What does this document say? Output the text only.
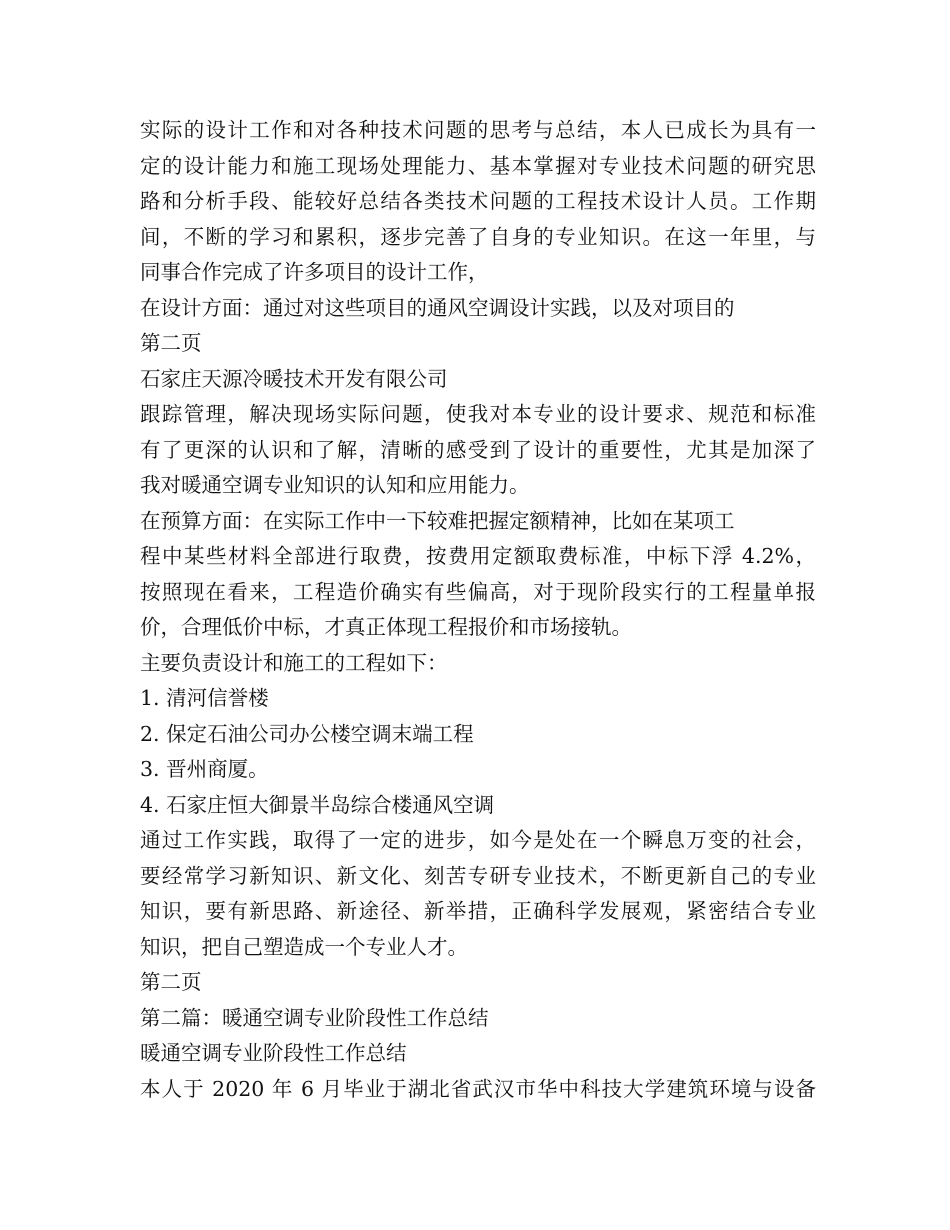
实际的设计工作和对各种技术问题的思考与总结，本人已成长为具有一
定的设计能力和施工现场处理能力、基本掌握对专业技术问题的研究思
路和分析手段、能较好总结各类技术问题的工程技术设计人员。工作期
间，不断的学习和累积，逐步完善了自身的专业知识。在这一年里，与
同事合作完成了许多项目的设计工作，
在设计方面：通过对这些项目的通风空调设计实践，以及对项目的
第二页
石家庄天源冷暖技术开发有限公司
跟踪管理，解决现场实际问题，使我对本专业的设计要求、规范和标准
有了更深的认识和了解，清晰的感受到了设计的重要性，尤其是加深了
我对暖通空调专业知识的认知和应用能力。
在预算方面：在实际工作中一下较难把握定额精神，比如在某项工
程中某些材料全部进行取费，按费用定额取费标准，中标下浮 4.2%，
按照现在看来，工程造价确实有些偏高，对于现阶段实行的工程量单报
价，合理低价中标，才真正体现工程报价和市场接轨。
主要负责设计和施工的工程如下：
1. 清河信誉楼
2. 保定石油公司办公楼空调末端工程
3. 晋州商厦。
4. 石家庄恒大御景半岛综合楼通风空调
通过工作实践，取得了一定的进步，如今是处在一个瞬息万变的社会，
要经常学习新知识、新文化、刻苦专研专业技术，不断更新自己的专业
知识，要有新思路、新途径、新举措，正确科学发展观，紧密结合专业
知识，把自己塑造成一个专业人才。
第二页
第二篇：暖通空调专业阶段性工作总结
暖通空调专业阶段性工作总结
本人于 2020 年 6 月毕业于湖北省武汉市华中科技大学建筑环境与设备
